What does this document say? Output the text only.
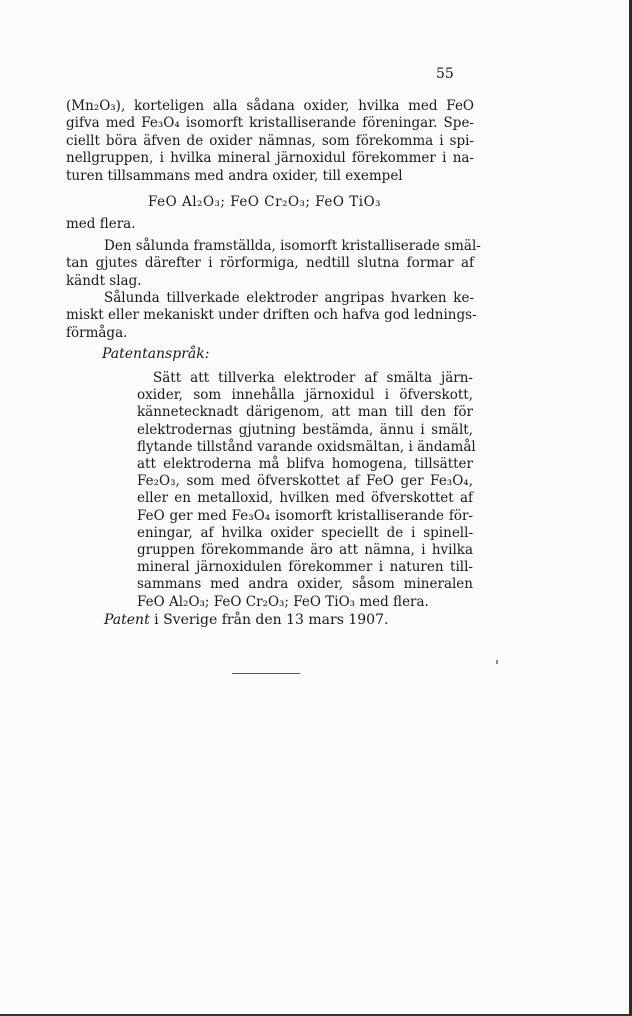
55
(Mn₂O₃), korteligen alla sådana oxider, hvilka med FeO
gifva med Fe₃O₄ isomorft kristalliserande föreningar. Spe-
ciellt böra äfven de oxider nämnas, som förekomma i spi-
nellgruppen, i hvilka mineral järnoxidul förekommer i na-
turen tillsammans med andra oxider, till exempel
FeO Al₂O₃; FeO Cr₂O₃; FeO TiO₃
med flera.
Den sålunda framställda, isomorft kristalliserade smäl-
tan gjutes därefter i rörformiga, nedtill slutna formar af
kändt slag.
Sålunda tillverkade elektroder angripas hvarken ke-
miskt eller mekaniskt under driften och hafva god lednings-
förmåga.
Patentanspråk:
Sätt att tillverka elektroder af smälta järn-
oxider, som innehålla järnoxidul i öfverskott,
kännetecknadt därigenom, att man till den för
elektrodernas gjutning bestämda, ännu i smält,
flytande tillstånd varande oxidsmältan, i ändamål
att elektroderna må blifva homogena, tillsätter
Fe₂O₃, som med öfverskottet af FeO ger Fe₃O₄,
eller en metalloxid, hvilken med öfverskottet af
FeO ger med Fe₃O₄ isomorft kristalliserande för-
eningar, af hvilka oxider speciellt de i spinell-
gruppen förekommande äro att nämna, i hvilka
mineral järnoxidulen förekommer i naturen till-
sammans med andra oxider, såsom mineralen
FeO Al₂O₃; FeO Cr₂O₃; FeO TiO₃ med flera.
Patent i Sverige från den 13 mars 1907.
